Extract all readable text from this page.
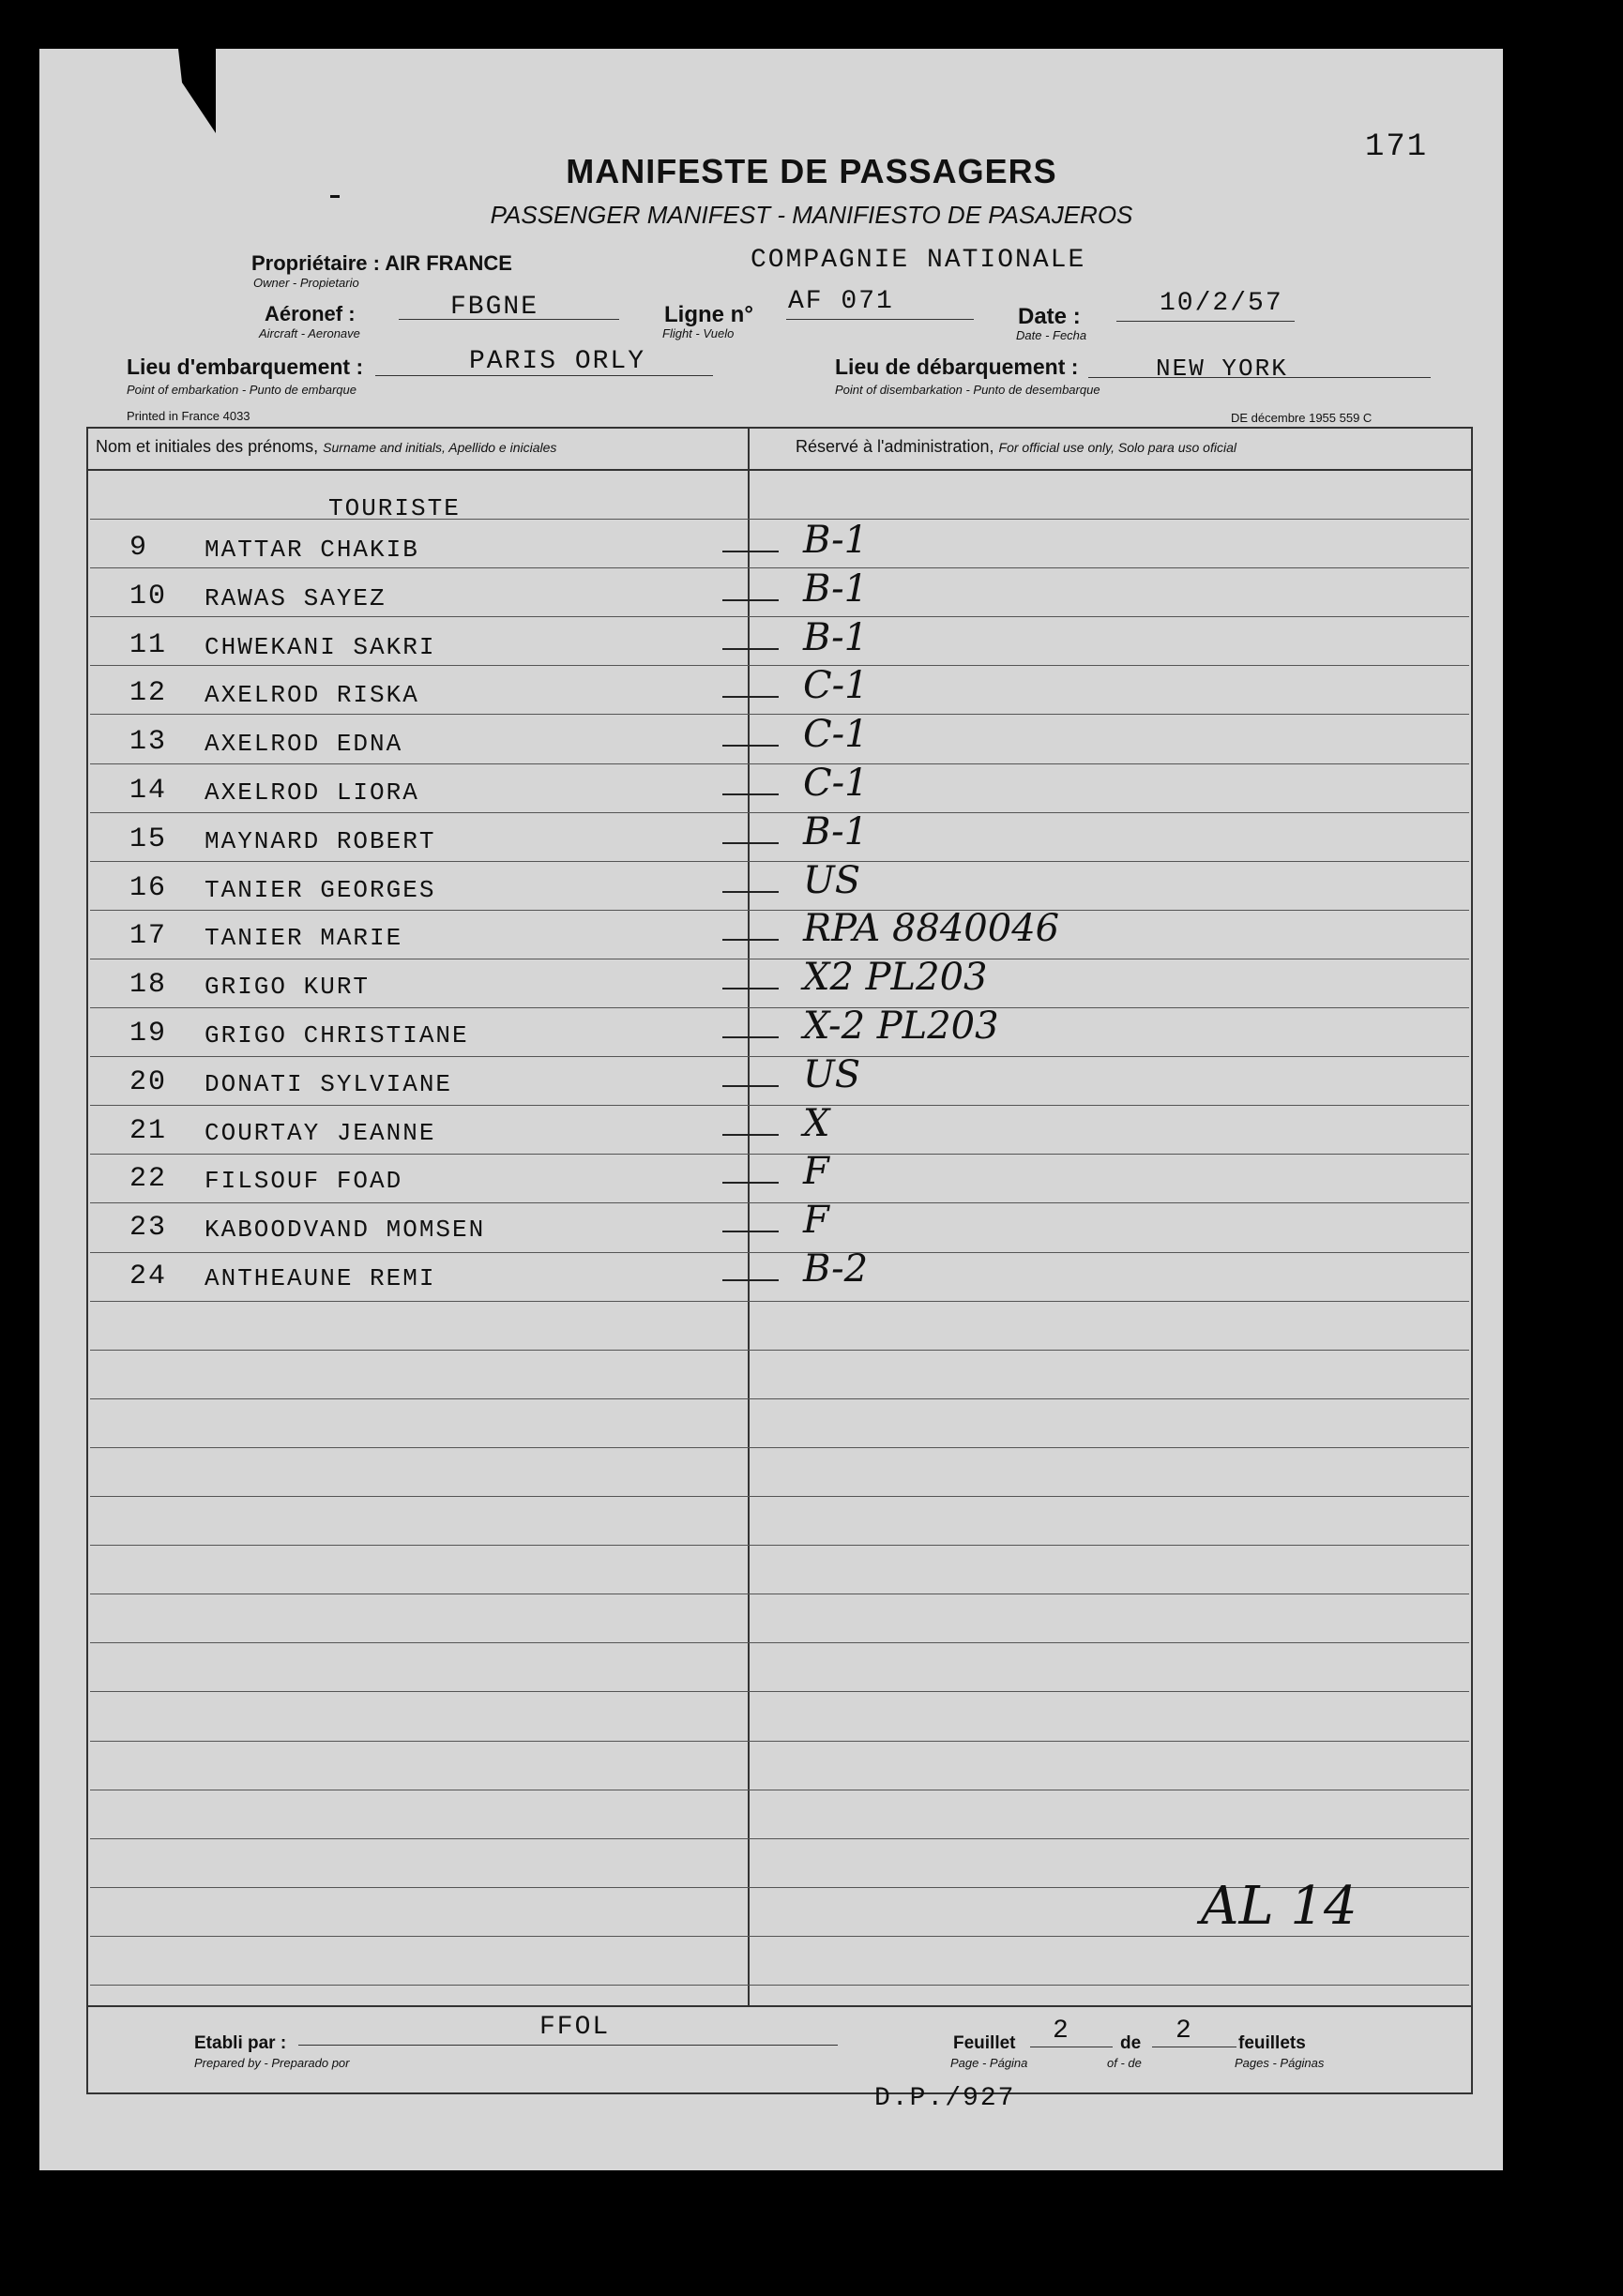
171
MANIFESTE DE PASSAGERS
PASSENGER MANIFEST - MANIFIESTO DE PASAJEROS
Propriétaire : AIR FRANCE
Owner - Propietario
COMPAGNIE NATIONALE
Aéronef :
Aircraft - Aeronave
FBGNE	Ligne n°
Flight - Vuelo
AF 071
Date :
Date - Fecha
10/2/57
Lieu d'embarquement :
Point of embarkation - Punto de embarque
PARIS ORLY	Lieu de débarquement :
Point of disembarkation - Punto de desembarque
NEW YORK
Printed in France 4033	DE décembre 1955 559 C
Nom et initiales des prénoms, Surname and initials, Apellido e iniciales	Réservé à l'administration, For official use only, Solo para uso oficial
TOURISTE
9 MATTAR CHAKIB	B-1
10 RAWAS SAYEZ	B-1
11 CHWEKANI SAKRI	B-1
12 AXELROD RISKA	C-1
13 AXELROD EDNA	C-1
14 AXELROD LIORA	C-1
15 MAYNARD ROBERT	B-1
16 TANIER GEORGES	US
17 TANIER MARIE	RPA 8840046
18 GRIGO KURT	X2 PL203
19 GRIGO CHRISTIANE	X-2 PL203
20 DONATI SYLVIANE	US
21 COURTAY JEANNE	X
22 FILSOUF FOAD	F
23 KABOODVAND MOMSEN	F
24 ANTHEAUNE REMI	B-2
AL 14
Etabli par :
Prepared by - Preparado por
FFOL
Feuillet 2	de 2	feuillets
Page - Página	of - de	Pages - Páginas
D.P./927
